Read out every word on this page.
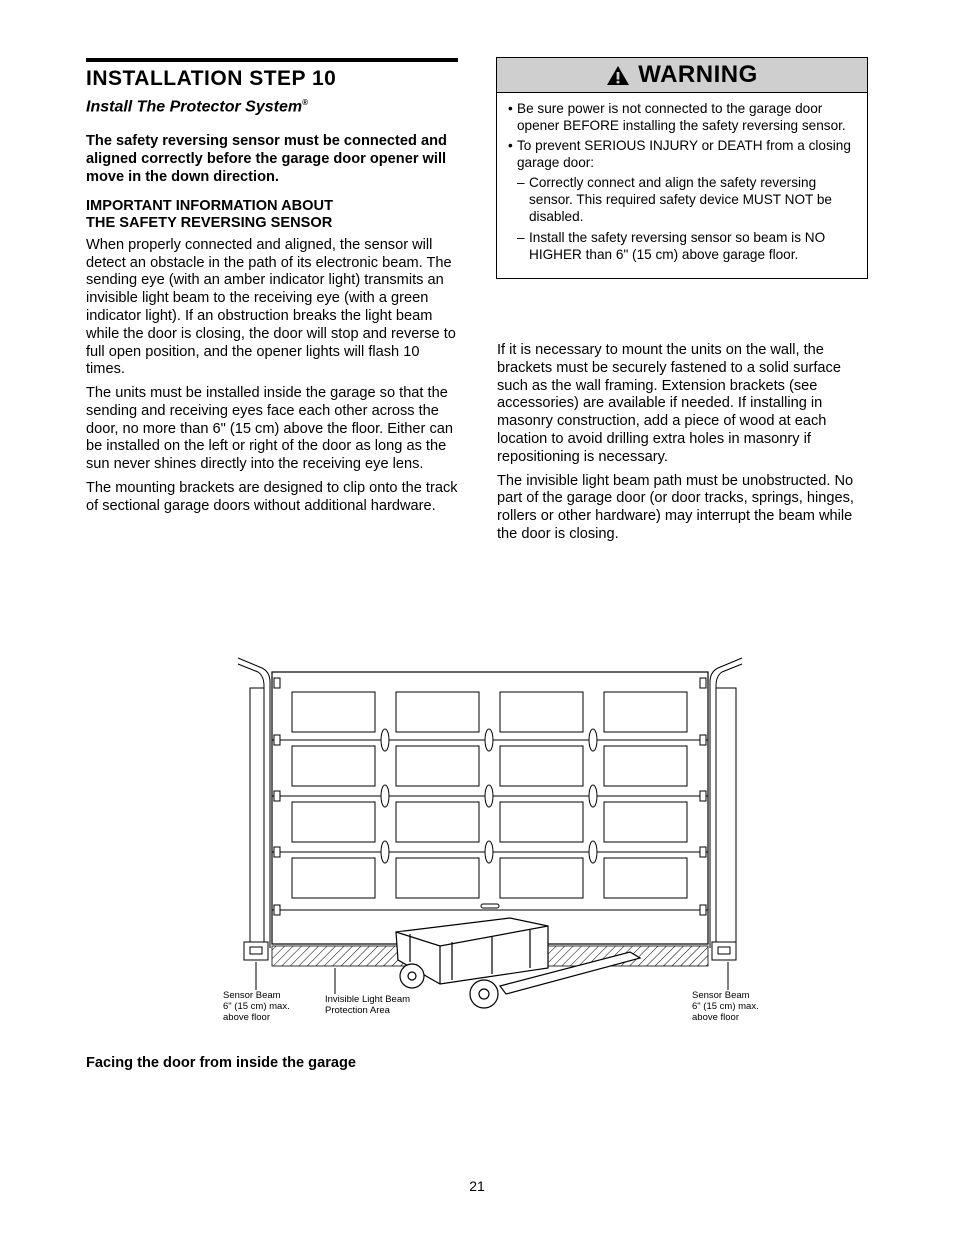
INSTALLATION STEP 10
Install The Protector System®

The safety reversing sensor must be connected and aligned correctly before the garage door opener will move in the down direction.

IMPORTANT INFORMATION ABOUT
THE SAFETY REVERSING SENSOR

When properly connected and aligned, the sensor will detect an obstacle in the path of its electronic beam. The sending eye (with an amber indicator light) transmits an invisible light beam to the receiving eye (with a green indicator light). If an obstruction breaks the light beam while the door is closing, the door will stop and reverse to full open position, and the opener lights will flash 10 times.

The units must be installed inside the garage so that the sending and receiving eyes face each other across the door, no more than 6" (15 cm) above the floor. Either can be installed on the left or right of the door as long as the sun never shines directly into the receiving eye lens.

The mounting brackets are designed to clip onto the track of sectional garage doors without additional hardware.

WARNING
• Be sure power is not connected to the garage door opener BEFORE installing the safety reversing sensor.
• To prevent SERIOUS INJURY or DEATH from a closing garage door:
– Correctly connect and align the safety reversing sensor. This required safety device MUST NOT be disabled.
– Install the safety reversing sensor so beam is NO HIGHER than 6" (15 cm) above garage floor.

If it is necessary to mount the units on the wall, the brackets must be securely fastened to a solid surface such as the wall framing. Extension brackets (see accessories) are available if needed. If installing in masonry construction, add a piece of wood at each location to avoid drilling extra holes in masonry if repositioning is necessary.

The invisible light beam path must be unobstructed. No part of the garage door (or door tracks, springs, hinges, rollers or other hardware) may interrupt the beam while the door is closing.

Sensor Beam
6" (15 cm) max.
above floor
Invisible Light Beam
Protection Area
Sensor Beam
6" (15 cm) max.
above floor
Facing the door from inside the garage
21
